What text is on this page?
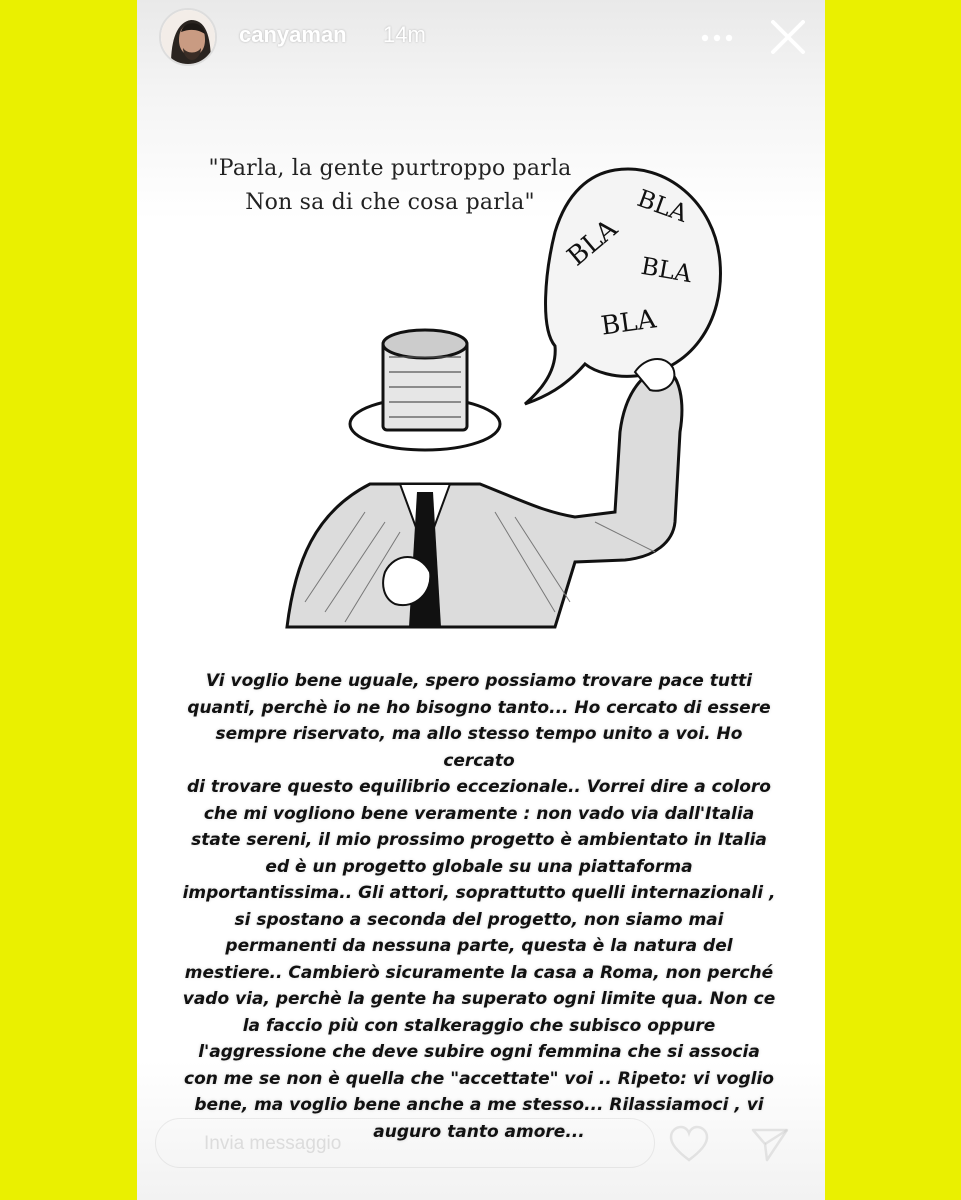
canyaman 14m
"Parla, la gente purtroppo parla
Non sa di che cosa parla"
BLA
BLA
BLA
BLA
Vi voglio bene uguale, spero possiamo trovare pace tutti
quanti, perchè io ne ho bisogno tanto... Ho cercato di essere
sempre riservato, ma allo stesso tempo unito a voi. Ho cercato
di trovare questo equilibrio eccezionale.. Vorrei dire a coloro
che mi vogliono bene veramente : non vado via dall'Italia
state sereni, il mio prossimo progetto è ambientato in Italia
ed è un progetto globale su una piattaforma
importantissima.. Gli attori, soprattutto quelli internazionali ,
si spostano a seconda del progetto, non siamo mai
permanenti da nessuna parte, questa è la natura del
mestiere.. Cambierò sicuramente la casa a Roma, non perché
vado via, perchè la gente ha superato ogni limite qua. Non ce
la faccio più con stalkeraggio che subisco oppure
l'aggressione che deve subire ogni femmina che si associa
con me se non è quella che "accettate" voi .. Ripeto: vi voglio
bene, ma voglio bene anche a me stesso... Rilassiamoci , vi
auguro tanto amore...
Invia messaggio
